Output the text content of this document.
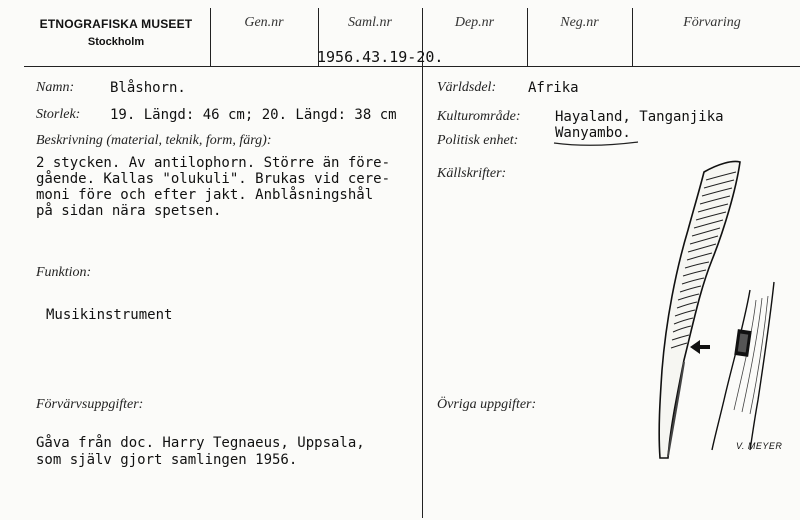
ETNOGRAFISKA MUSEET
Stockholm
Gen.nr	Saml.nr	Dep.nr	Neg.nr	Förvaring
1956.43.19-20.
Namn:	Blåshorn.
Storlek: 19. Längd: 46 cm; 20. Längd: 38 cm
Beskrivning (material, teknik, form, färg):
2 stycken. Av antilophorn. Större än före-
gående. Kallas "olukuli". Brukas vid cere-
moni före och efter jakt. Anblåsningshål
på sidan nära spetsen.
Funktion:
Musikinstrument
Förvärvsuppgifter:
Gåva från doc. Harry Tegnaeus, Uppsala,
som själv gjort samlingen 1956.
Världsdel: Afrika
Kulturområde: Hayaland, Tanganjika
Politisk enhet:	Wanyambo.
Källskrifter:
Övriga uppgifter:
V. MEYER
